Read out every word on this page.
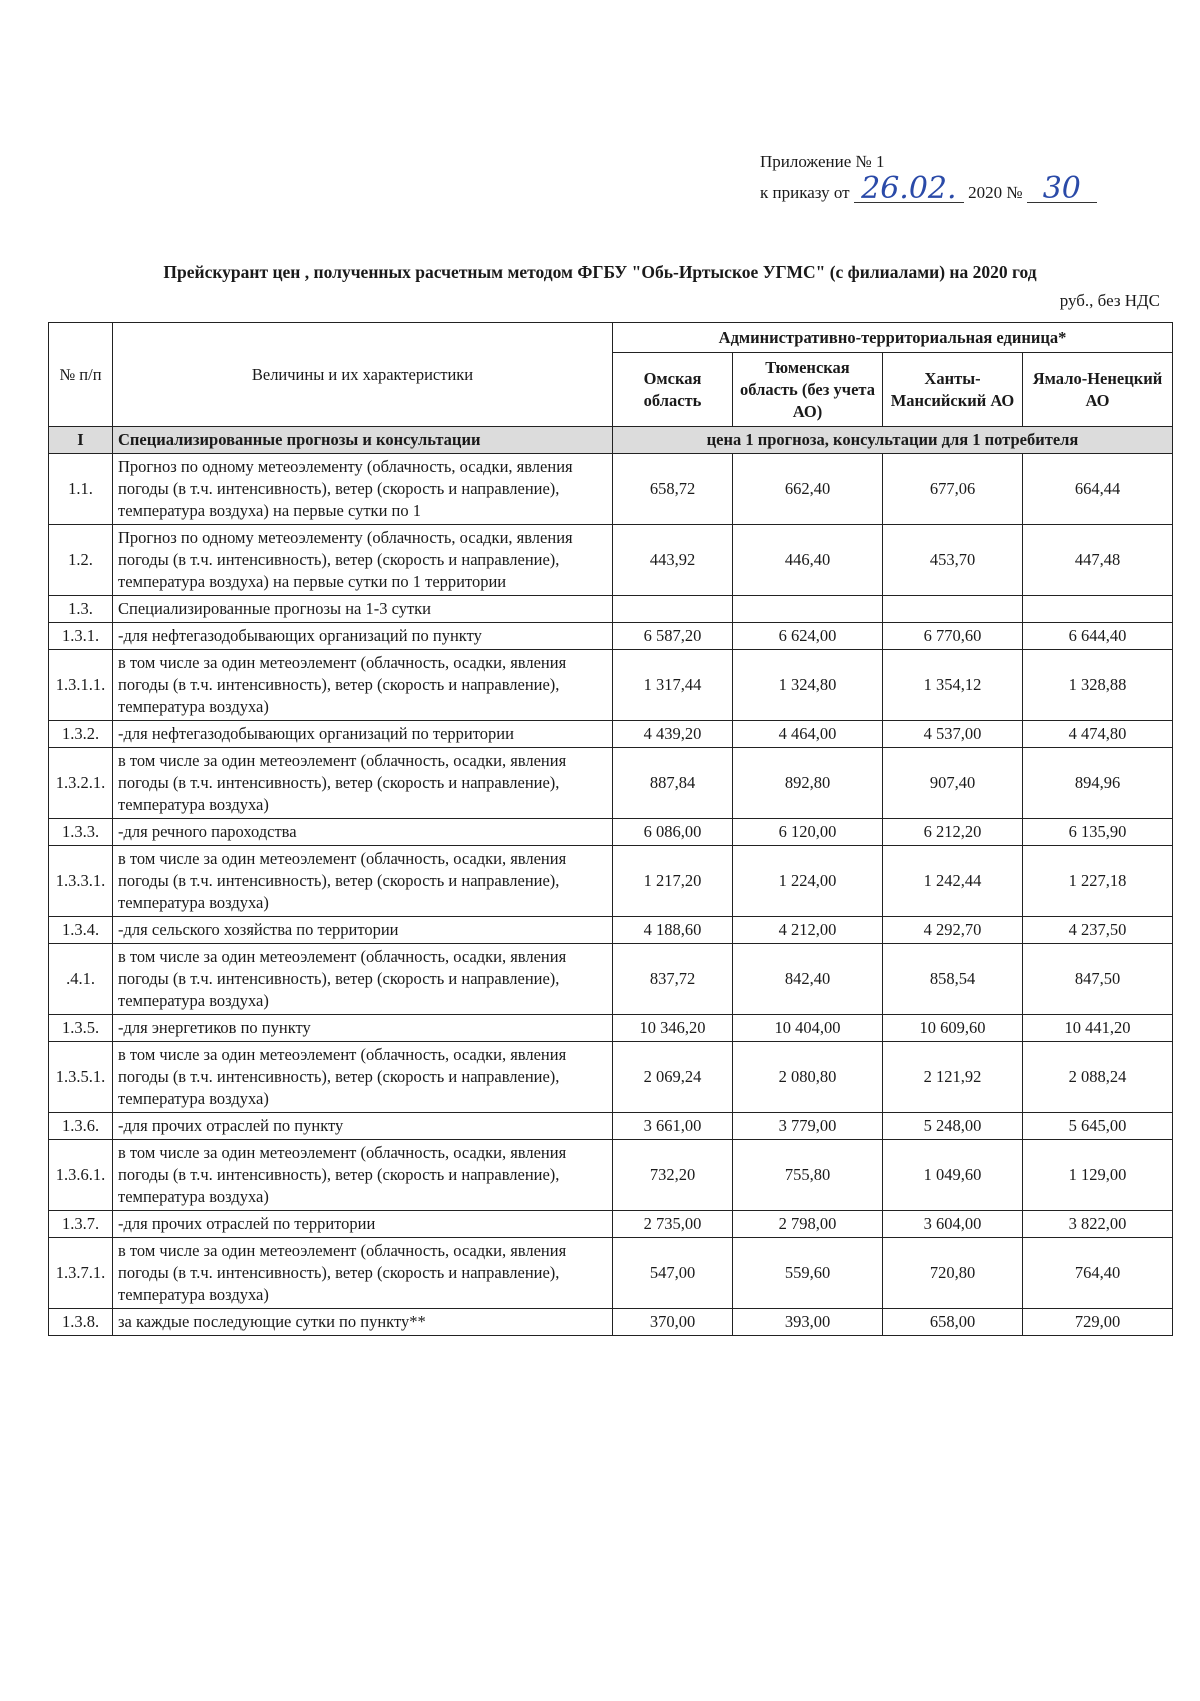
Приложение № 1
к приказу от 26.02. 2020 № 30
Прейскурант цен , полученных расчетным методом ФГБУ "Обь-Иртыское УГМС" (с филиалами) на 2020 год
руб., без НДС
№ п/п	Величины и их характеристики	Административно-территориальная единица*			
		Омская область	Тюменская область (без учета АО)	Ханты-Мансийский АО	Ямало-Ненецкий АО
I	Специализированные прогнозы и консультации	цена 1 прогноза, консультации для 1 потребителя			
1.1.	Прогноз по одному метеоэлементу (облачность, осадки, явления погоды (в т.ч. интенсивность), ветер (скорость и направление), температура воздуха) на первые сутки по 1	658,72	662,40	677,06	664,44
1.2.	Прогноз по одному метеоэлементу (облачность, осадки, явления погоды (в т.ч. интенсивность), ветер (скорость и направление), температура воздуха) на первые сутки по 1 территории	443,92	446,40	453,70	447,48
1.3.	Специализированные прогнозы на 1-3 сутки				
1.3.1.	-для нефтегазодобывающих организаций по пункту	6 587,20	6 624,00	6 770,60	6 644,40
1.3.1.1.	в том числе за один метеоэлемент (облачность, осадки, явления погоды (в т.ч. интенсивность), ветер (скорость и направление), температура воздуха)	1 317,44	1 324,80	1 354,12	1 328,88
1.3.2.	-для нефтегазодобывающих организаций по территории	4 439,20	4 464,00	4 537,00	4 474,80
1.3.2.1.	в том числе за один метеоэлемент (облачность, осадки, явления погоды (в т.ч. интенсивность), ветер (скорость и направление), температура воздуха)	887,84	892,80	907,40	894,96
1.3.3.	-для речного пароходства	6 086,00	6 120,00	6 212,20	6 135,90
1.3.3.1.	в том числе за один метеоэлемент (облачность, осадки, явления погоды (в т.ч. интенсивность), ветер (скорость и направление), температура воздуха)	1 217,20	1 224,00	1 242,44	1 227,18
1.3.4.	-для сельского хозяйства по территории	4 188,60	4 212,00	4 292,70	4 237,50
.4.1.	в том числе за один метеоэлемент (облачность, осадки, явления погоды (в т.ч. интенсивность), ветер (скорость и направление), температура воздуха)	837,72	842,40	858,54	847,50
1.3.5.	-для энергетиков по пункту	10 346,20	10 404,00	10 609,60	10 441,20
1.3.5.1.	в том числе за один метеоэлемент (облачность, осадки, явления погоды (в т.ч. интенсивность), ветер (скорость и направление), температура воздуха)	2 069,24	2 080,80	2 121,92	2 088,24
1.3.6.	-для прочих отраслей по пункту	3 661,00	3 779,00	5 248,00	5 645,00
1.3.6.1.	в том числе за один метеоэлемент (облачность, осадки, явления погоды (в т.ч. интенсивность), ветер (скорость и направление), температура воздуха)	732,20	755,80	1 049,60	1 129,00
1.3.7.	-для прочих отраслей по территории	2 735,00	2 798,00	3 604,00	3 822,00
1.3.7.1.	в том числе за один метеоэлемент (облачность, осадки, явления погоды (в т.ч. интенсивность), ветер (скорость и направление), температура воздуха)	547,00	559,60	720,80	764,40
1.3.8.	за каждые последующие сутки по пункту**	370,00	393,00	658,00	729,00
